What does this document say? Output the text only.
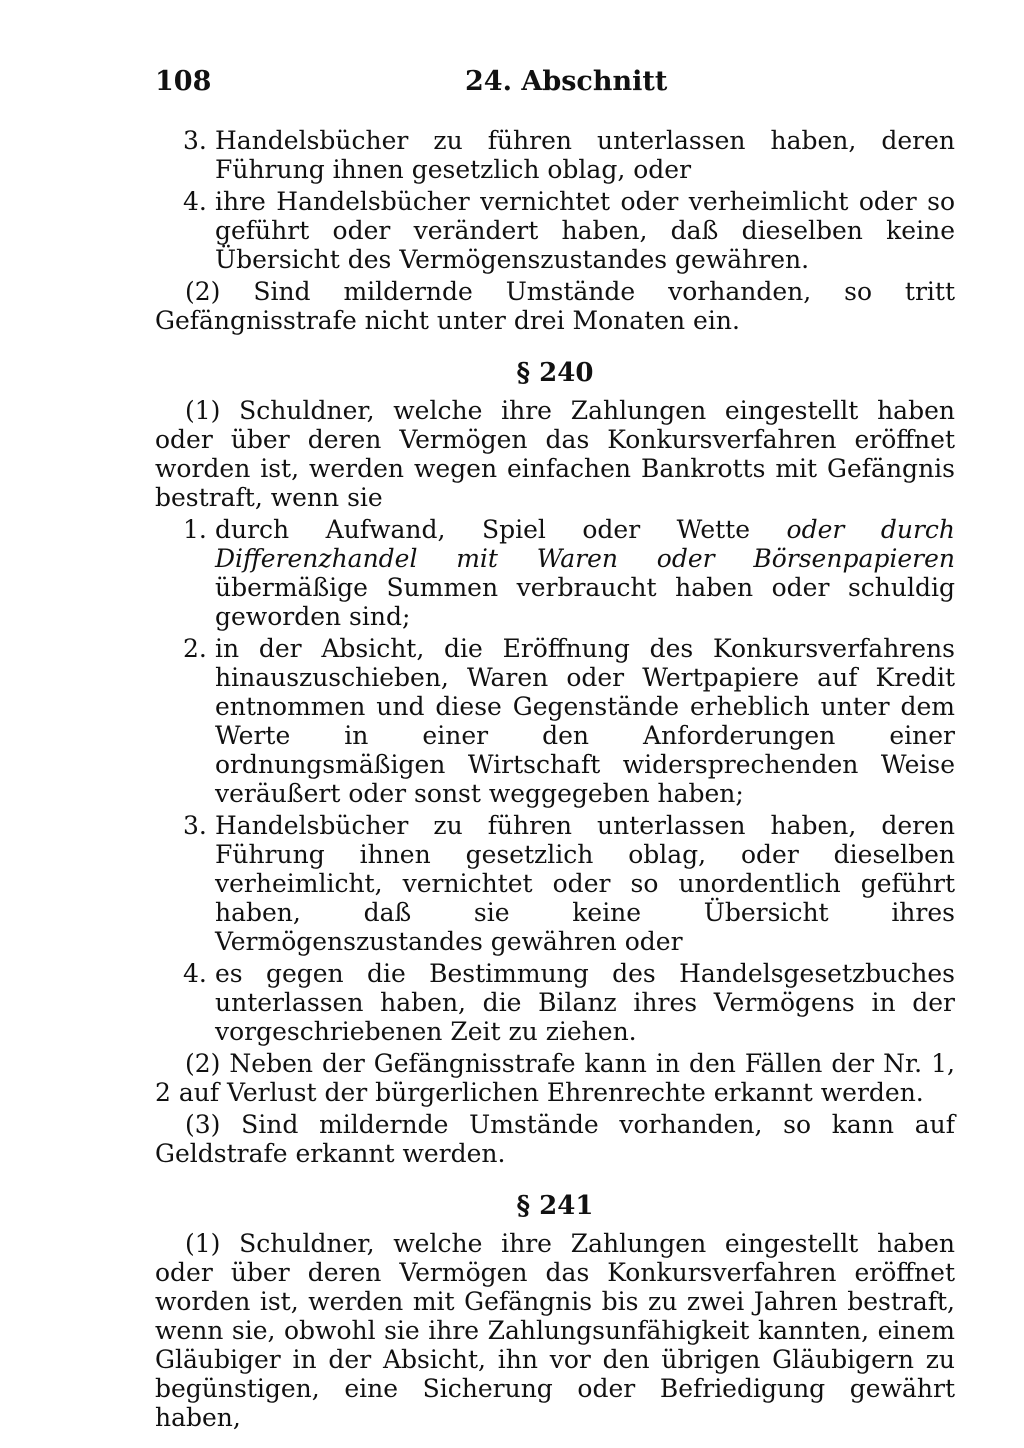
108	24. Abschnitt
3. Handelsbücher zu führen unterlassen haben, deren Führung ihnen gesetzlich oblag, oder
4. ihre Handelsbücher vernichtet oder verheimlicht oder so geführt oder verändert haben, daß dieselben keine Übersicht des Vermögenszustandes gewähren.
(2) Sind mildernde Umstände vorhanden, so tritt Gefängnisstrafe nicht unter drei Monaten ein.
§ 240
(1) Schuldner, welche ihre Zahlungen eingestellt haben oder über deren Vermögen das Konkursverfahren eröffnet worden ist, werden wegen einfachen Bankrotts mit Gefängnis bestraft, wenn sie
1. durch Aufwand, Spiel oder Wette oder durch Differenzhandel mit Waren oder Börsenpapieren übermäßige Summen verbraucht haben oder schuldig geworden sind;
2. in der Absicht, die Eröffnung des Konkursverfahrens hinauszuschieben, Waren oder Wertpapiere auf Kredit entnommen und diese Gegenstände erheblich unter dem Werte in einer den Anforderungen einer ordnungsmäßigen Wirtschaft widersprechenden Weise veräußert oder sonst weggegeben haben;
3. Handelsbücher zu führen unterlassen haben, deren Führung ihnen gesetzlich oblag, oder dieselben verheimlicht, vernichtet oder so unordentlich geführt haben, daß sie keine Übersicht ihres Vermögenszustandes gewähren oder
4. es gegen die Bestimmung des Handelsgesetzbuches unterlassen haben, die Bilanz ihres Vermögens in der vorgeschriebenen Zeit zu ziehen.
(2) Neben der Gefängnisstrafe kann in den Fällen der Nr. 1, 2 auf Verlust der bürgerlichen Ehrenrechte erkannt werden.
(3) Sind mildernde Umstände vorhanden, so kann auf Geldstrafe erkannt werden.
§ 241
(1) Schuldner, welche ihre Zahlungen eingestellt haben oder über deren Vermögen das Konkursverfahren eröffnet worden ist, werden mit Gefängnis bis zu zwei Jahren bestraft, wenn sie, obwohl sie ihre Zahlungsunfähigkeit kannten, einem Gläubiger in der Absicht, ihn vor den übrigen Gläubigern zu begünstigen, eine Sicherung oder Befriedigung gewährt haben,
